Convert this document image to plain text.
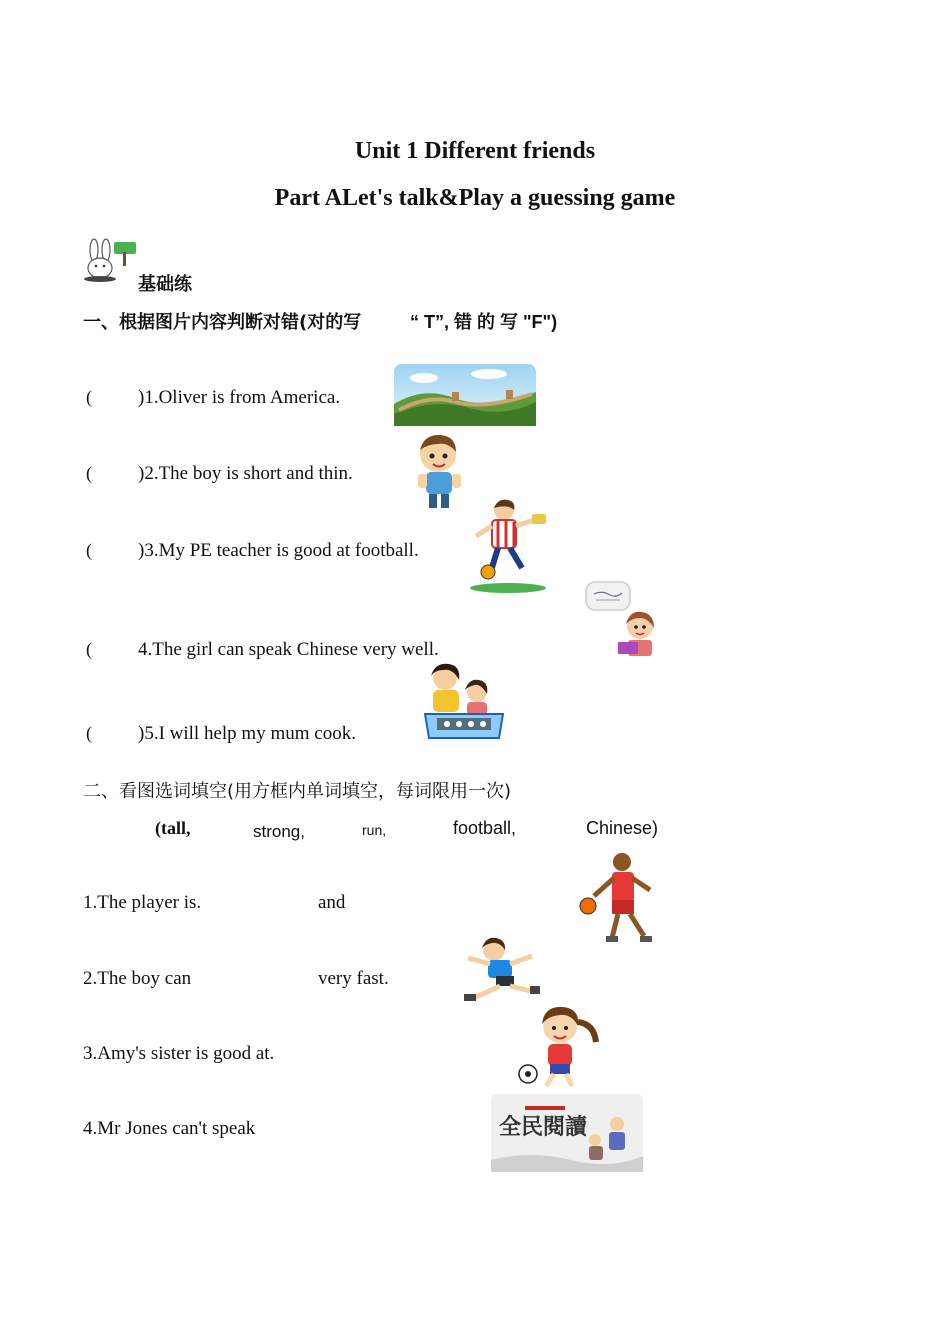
Unit 1 Different friends
Part ALet's talk&Play a guessing game
基础练
一、根据图片内容判断对错(对的写	“ T”, 错 的 写 "F")
( )1.Oliver is from America.
( )2.The boy is short and thin.
( )3.My PE teacher is good at football.
( 4.The girl can speak Chinese very well.
( )5.I will help my mum cook.
二、看图选词填空(用方框内单词填空，每词限用一次)
(tall,	strong,	run,	football,	Chinese)
1.The player is.	and
2.The boy can	very fast.
3.Amy's sister is good at.
4.Mr Jones can't speak	全民閱讀
